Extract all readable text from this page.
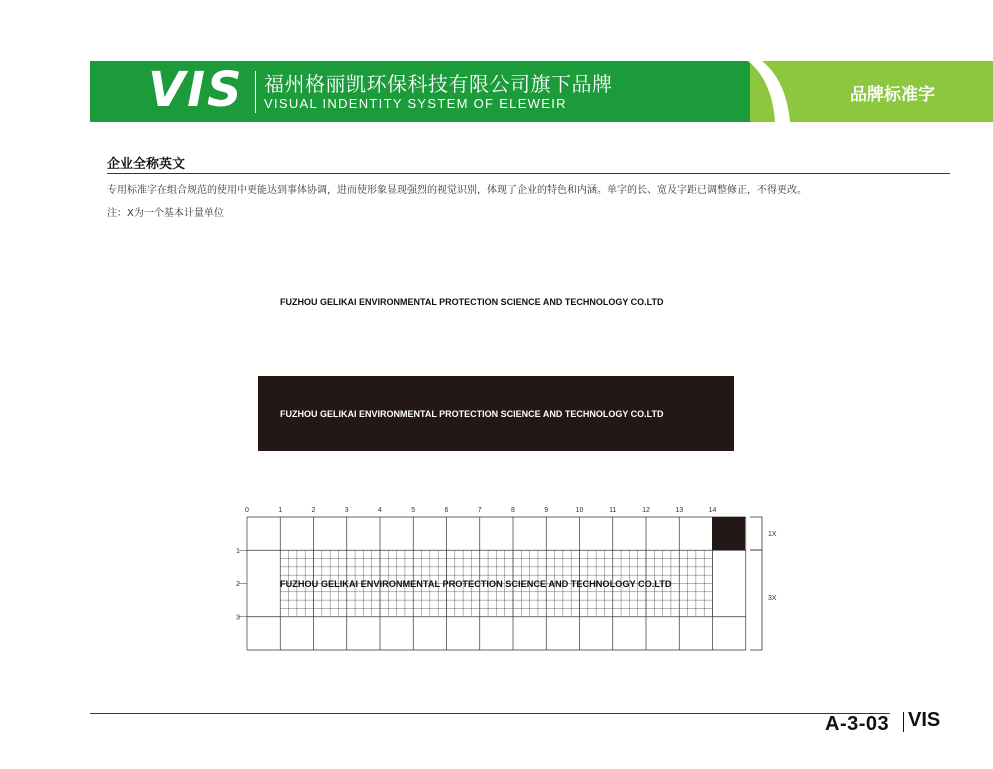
VIS 福州格丽凯环保科技有限公司旗下品牌
VISUAL INDENTITY SYSTEM OF ELEWEIR	品牌标准字
企业全称英文
专用标准字在组合规范的使用中更能达到事体协调，进而使形象显现强烈的视觉识别，体现了企业的特色和内涵。单字的长、宽及字距已调整修正，不得更改。
注：X为一个基本计量单位
FUZHOU GELIKAI ENVIRONMENTAL PROTECTION SCIENCE AND TECHNOLOGY CO.LTD
FUZHOU GELIKAI ENVIRONMENTAL PROTECTION SCIENCE AND TECHNOLOGY CO.LTD
0	1	2	3	4	5	6	7	8	9	10	11	12	13	14
1
2
3
FUZHOU GELIKAI ENVIRONMENTAL PROTECTION SCIENCE AND TECHNOLOGY CO.LTD
1X
3X
A-3-03 VIS
